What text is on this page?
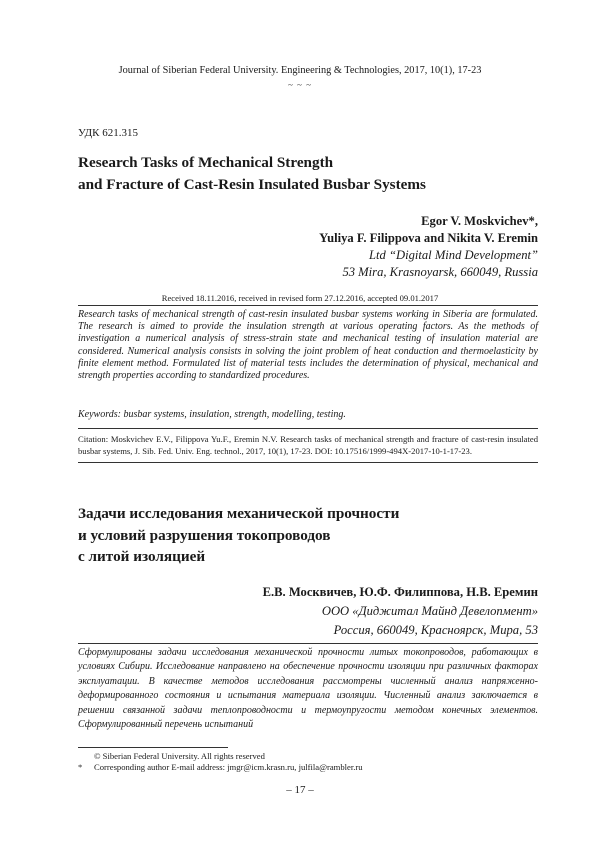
Journal of Siberian Federal University. Engineering & Technologies, 2017, 10(1), 17-23
~ ~ ~
УДК 621.315
Research Tasks of Mechanical Strength
and Fracture of Cast-Resin Insulated Busbar Systems
Egor V. Moskvichev*,
Yuliya F. Filippova and Nikita V. Eremin
Ltd “Digital Mind Development”
53 Mira, Krasnoyarsk, 660049, Russia
Received 18.11.2016, received in revised form 27.12.2016, accepted 09.01.2017
Research tasks of mechanical strength of cast-resin insulated busbar systems working in Siberia are formulated. The research is aimed to provide the insulation strength at various operating factors. As the methods of investigation a numerical analysis of stress-strain state and mechanical testing of insulation material are considered. Numerical analysis consists in solving the joint problem of heat conduction and thermoelasticity by finite element method. Formulated list of material tests includes the determination of physical, mechanical and strength properties according to standardized procedures.
Keywords: busbar systems, insulation, strength, modelling, testing.
Citation: Moskvichev E.V., Filippova Yu.F., Eremin N.V. Research tasks of mechanical strength and fracture of cast-resin insulated busbar systems, J. Sib. Fed. Univ. Eng. technol., 2017, 10(1), 17-23. DOI: 10.17516/1999-494X-2017-10-1-17-23.
Задачи исследования механической прочности
и условий разрушения токопроводов
с литой изоляцией
Е.В. Москвичев, Ю.Ф. Филиппова, Н.В. Еремин
ООО «Диджитал Майнд Девелопмент»
Россия, 660049, Красноярск, Мира, 53
Сформулированы задачи исследования механической прочности литых токопроводов, работающих в условиях Сибири. Исследование направлено на обеспечение прочности изоляции при различных факторах эксплуатации. В качестве методов исследования рассмотрены численный анализ напряженно-деформированного состояния и испытания материала изоляции. Численный анализ заключается в решении связанной задачи теплопроводности и термоупругости методом конечных элементов. Сформулированный перечень испытаний
© Siberian Federal University. All rights reserved
* Corresponding author E-mail address: jmgr@icm.krasn.ru, julfila@rambler.ru
– 17 –
